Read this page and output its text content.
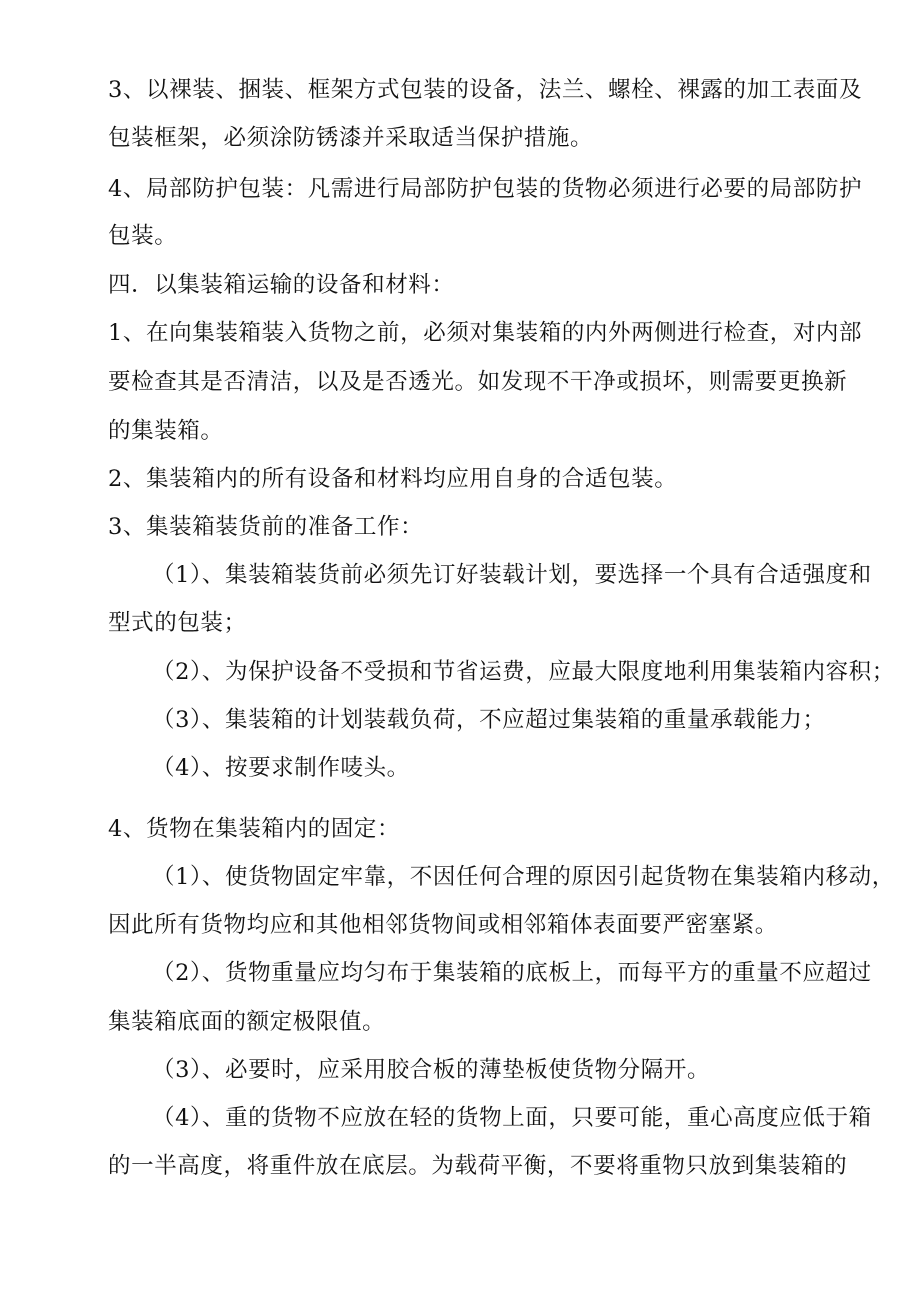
3、以裸装、捆装、框架方式包装的设备，法兰、螺栓、裸露的加工表面及
包装框架，必须涂防锈漆并采取适当保护措施。
4、局部防护包装：凡需进行局部防护包装的货物必须进行必要的局部防护
包装。
四．以集装箱运输的设备和材料：
1、在向集装箱装入货物之前，必须对集装箱的内外两侧进行检查，对内部
要检查其是否清洁，以及是否透光。如发现不干净或损坏，则需要更换新
的集装箱。
2、集装箱内的所有设备和材料均应用自身的合适包装。
3、集装箱装货前的准备工作：
（1）、集装箱装货前必须先订好装载计划，要选择一个具有合适强度和
型式的包装；
（2）、为保护设备不受损和节省运费，应最大限度地利用集装箱内容积；
（3）、集装箱的计划装载负荷，不应超过集装箱的重量承载能力；
（4）、按要求制作唛头。
4、货物在集装箱内的固定：
（1）、使货物固定牢靠，不因任何合理的原因引起货物在集装箱内移动，
因此所有货物均应和其他相邻货物间或相邻箱体表面要严密塞紧。
（2）、货物重量应均匀布于集装箱的底板上，而每平方的重量不应超过
集装箱底面的额定极限值。
（3）、必要时，应采用胶合板的薄垫板使货物分隔开。
（4）、重的货物不应放在轻的货物上面，只要可能，重心高度应低于箱
的一半高度，将重件放在底层。为载荷平衡，不要将重物只放到集装箱的
